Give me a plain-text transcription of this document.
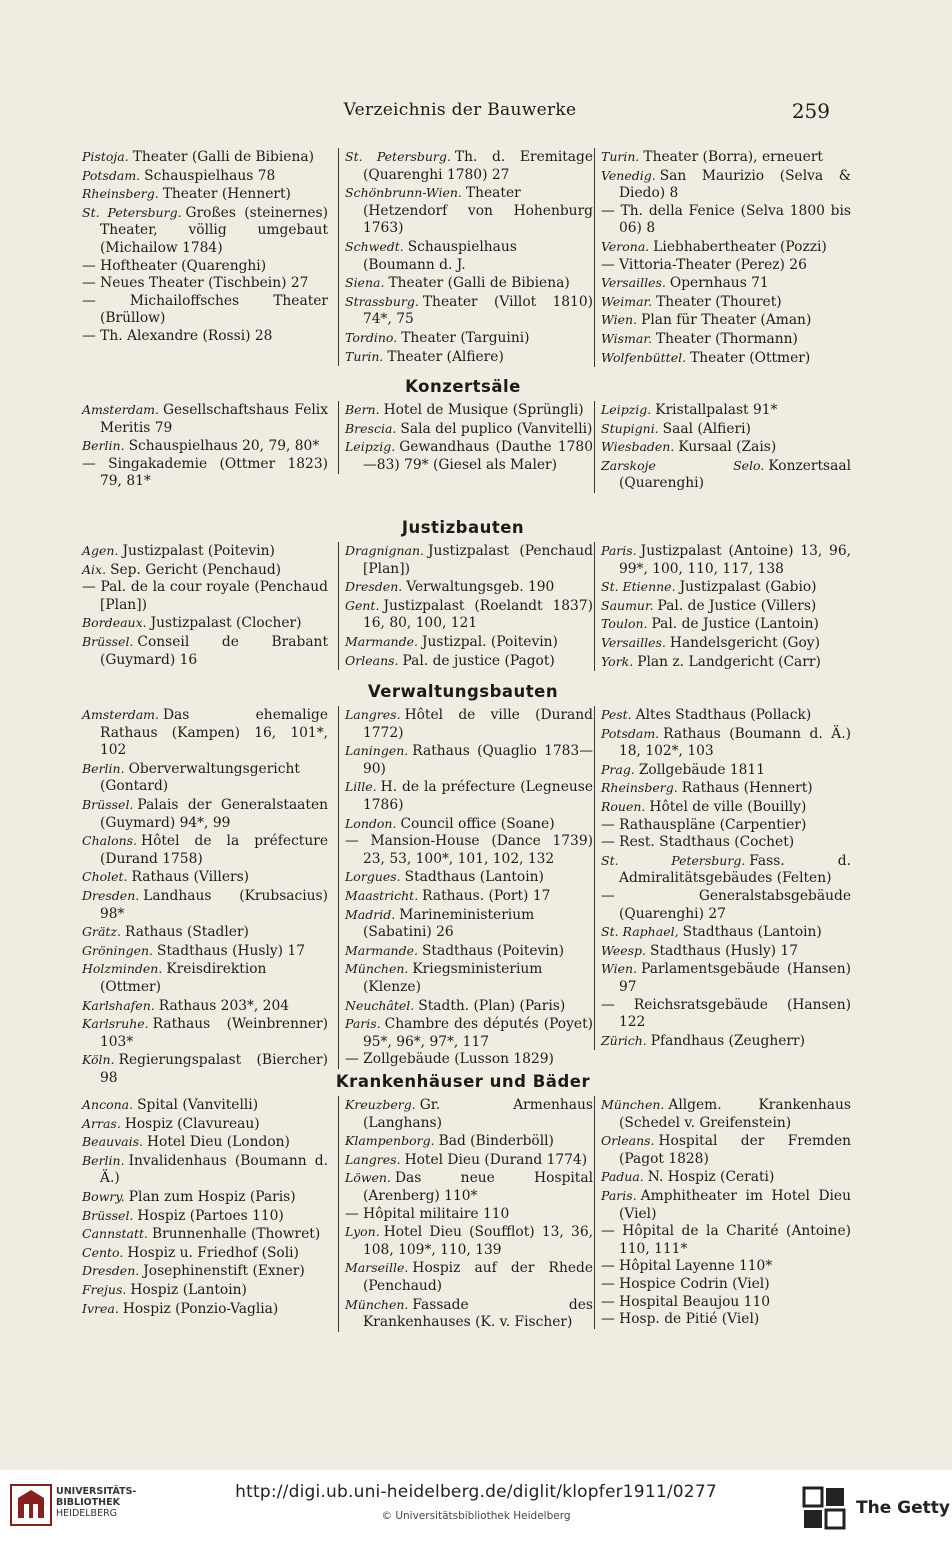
Verzeichnis der Bauwerke	259
Pistoja. Theater (Galli de Bibiena)
Potsdam. Schauspielhaus 78
Rheinsberg. Theater (Hennert)
St. Petersburg. Großes (steinernes) Theater, völlig umgebaut (Michailow 1784)
— Hoftheater (Quarenghi)
— Neues Theater (Tischbein) 27
— Michailoffsches Theater (Brüllow)
— Th. Alexandre (Rossi) 28
St. Petersburg. Th. d. Eremitage (Quarenghi 1780) 27
Schönbrunn-Wien. Theater (Hetzendorf von Hohenburg 1763)
Schwedt. Schauspielhaus (Boumann d. J.
Siena. Theater (Galli de Bibiena)
Strassburg. Theater (Villot 1810) 74*, 75
Tordino. Theater (Targuini)
Turin. Theater (Alfiere)
Turin. Theater (Borra), erneuert
Venedig. San Maurizio (Selva & Diedo) 8
— Th. della Fenice (Selva 1800 bis 06) 8
Verona. Liebhabertheater (Pozzi)
— Vittoria-Theater (Perez) 26
Versailles. Opernhaus 71
Weimar. Theater (Thouret)
Wien. Plan für Theater (Aman)
Wismar. Theater (Thormann)
Wolfenbüttel. Theater (Ottmer)
Konzertsäle
Amsterdam. Gesellschaftshaus Felix Meritis 79
Berlin. Schauspielhaus 20, 79, 80*
— Singakademie (Ottmer 1823) 79, 81*
Bern. Hotel de Musique (Sprüngli)
Brescia. Sala del puplico (Vanvitelli)
Leipzig. Gewandhaus (Dauthe 1780—83) 79* (Giesel als Maler)
Leipzig. Kristallpalast 91*
Stupigni. Saal (Alfieri)
Wiesbaden. Kursaal (Zais)
Zarskoje Selo. Konzertsaal (Quarenghi)
Justizbauten
Agen. Justizpalast (Poitevin)
Aix. Sep. Gericht (Penchaud)
— Pal. de la cour royale (Penchaud [Plan])
Bordeaux. Justizpalast (Clocher)
Brüssel. Conseil de Brabant (Guymard) 16
Dragnignan. Justizpalast (Penchaud [Plan])
Dresden. Verwaltungsgeb. 190
Gent. Justizpalast (Roelandt 1837) 16, 80, 100, 121
Marmande. Justizpal. (Poitevin)
Orleans. Pal. de justice (Pagot)
Paris. Justizpalast (Antoine) 13, 96, 99*, 100, 110, 117, 138
St. Etienne. Justizpalast (Gabio)
Saumur. Pal. de Justice (Villers)
Toulon. Pal. de Justice (Lantoin)
Versailles. Handelsgericht (Goy)
York. Plan z. Landgericht (Carr)
Verwaltungsbauten
Amsterdam. Das ehemalige Rathaus (Kampen) 16, 101*, 102
Berlin. Oberverwaltungsgericht (Gontard)
Brüssel. Palais der Generalstaaten (Guymard) 94*, 99
Chalons. Hôtel de la préfecture (Durand 1758)
Cholet. Rathaus (Villers)
Dresden. Landhaus (Krubsacius) 98*
Grätz. Rathaus (Stadler)
Gröningen. Stadthaus (Husly) 17
Holzminden. Kreisdirektion (Ottmer)
Karlshafen. Rathaus 203*, 204
Karlsruhe. Rathaus (Weinbrenner) 103*
Köln. Regierungspalast (Biercher) 98
Langres. Hôtel de ville (Durand 1772)
Laningen. Rathaus (Quaglio 1783—90)
Lille. H. de la préfecture (Legneuse 1786)
London. Council office (Soane)
— Mansion-House (Dance 1739) 23, 53, 100*, 101, 102, 132
Lorgues. Stadthaus (Lantoin)
Maastricht. Rathaus. (Port) 17
Madrid. Marineministerium (Sabatini) 26
Marmande. Stadthaus (Poitevin)
München. Kriegsministerium (Klenze)
Neuchâtel. Stadth. (Plan) (Paris)
Paris. Chambre des députés (Poyet) 95*, 96*, 97*, 117
— Zollgebäude (Lusson 1829)
Pest. Altes Stadthaus (Pollack)
Potsdam. Rathaus (Boumann d. Ä.) 18, 102*, 103
Prag. Zollgebäude 1811
Rheinsberg. Rathaus (Hennert)
Rouen. Hôtel de ville (Bouilly)
— Rathauspläne (Carpentier)
— Rest. Stadthaus (Cochet)
St. Petersburg. Fass. d. Admiralitätsgebäudes (Felten)
— Generalstabsgebäude (Quarenghi) 27
St. Raphael, Stadthaus (Lantoin)
Weesp. Stadthaus (Husly) 17
Wien. Parlamentsgebäude (Hansen) 97
— Reichsratsgebäude (Hansen) 122
Zürich. Pfandhaus (Zeugherr)
Krankenhäuser und Bäder
Ancona. Spital (Vanvitelli)
Arras. Hospiz (Clavureau)
Beauvais. Hotel Dieu (London)
Berlin. Invalidenhaus (Boumann d. Ä.)
Bowry. Plan zum Hospiz (Paris)
Brüssel. Hospiz (Partoes 110)
Cannstatt. Brunnenhalle (Thowret)
Cento. Hospiz u. Friedhof (Soli)
Dresden. Josephinenstift (Exner)
Frejus. Hospiz (Lantoin)
Ivrea. Hospiz (Ponzio-Vaglia)
Kreuzberg. Gr. Armenhaus (Langhans)
Klampenborg. Bad (Binderböll)
Langres. Hotel Dieu (Durand 1774)
Löwen. Das neue Hospital (Arenberg) 110*
— Hôpital militaire 110
Lyon. Hotel Dieu (Soufflot) 13, 36, 108, 109*, 110, 139
Marseille. Hospiz auf der Rhede (Penchaud)
München. Fassade des Krankenhauses (K. v. Fischer)
München. Allgem. Krankenhaus (Schedel v. Greifenstein)
Orleans. Hospital der Fremden (Pagot 1828)
Padua. N. Hospiz (Cerati)
Paris. Amphitheater im Hotel Dieu (Viel)
— Hôpital de la Charité (Antoine) 110, 111*
— Hôpital Layenne 110*
— Hospice Codrin (Viel)
— Hospital Beaujou 110
— Hosp. de Pitié (Viel)
UNIVERSITÄTS-
BIBLIOTHEK
HEIDELBERG
http://digi.ub.uni-heidelberg.de/diglit/klopfer1911/0277
© Universitätsbibliothek Heidelberg	The Getty
